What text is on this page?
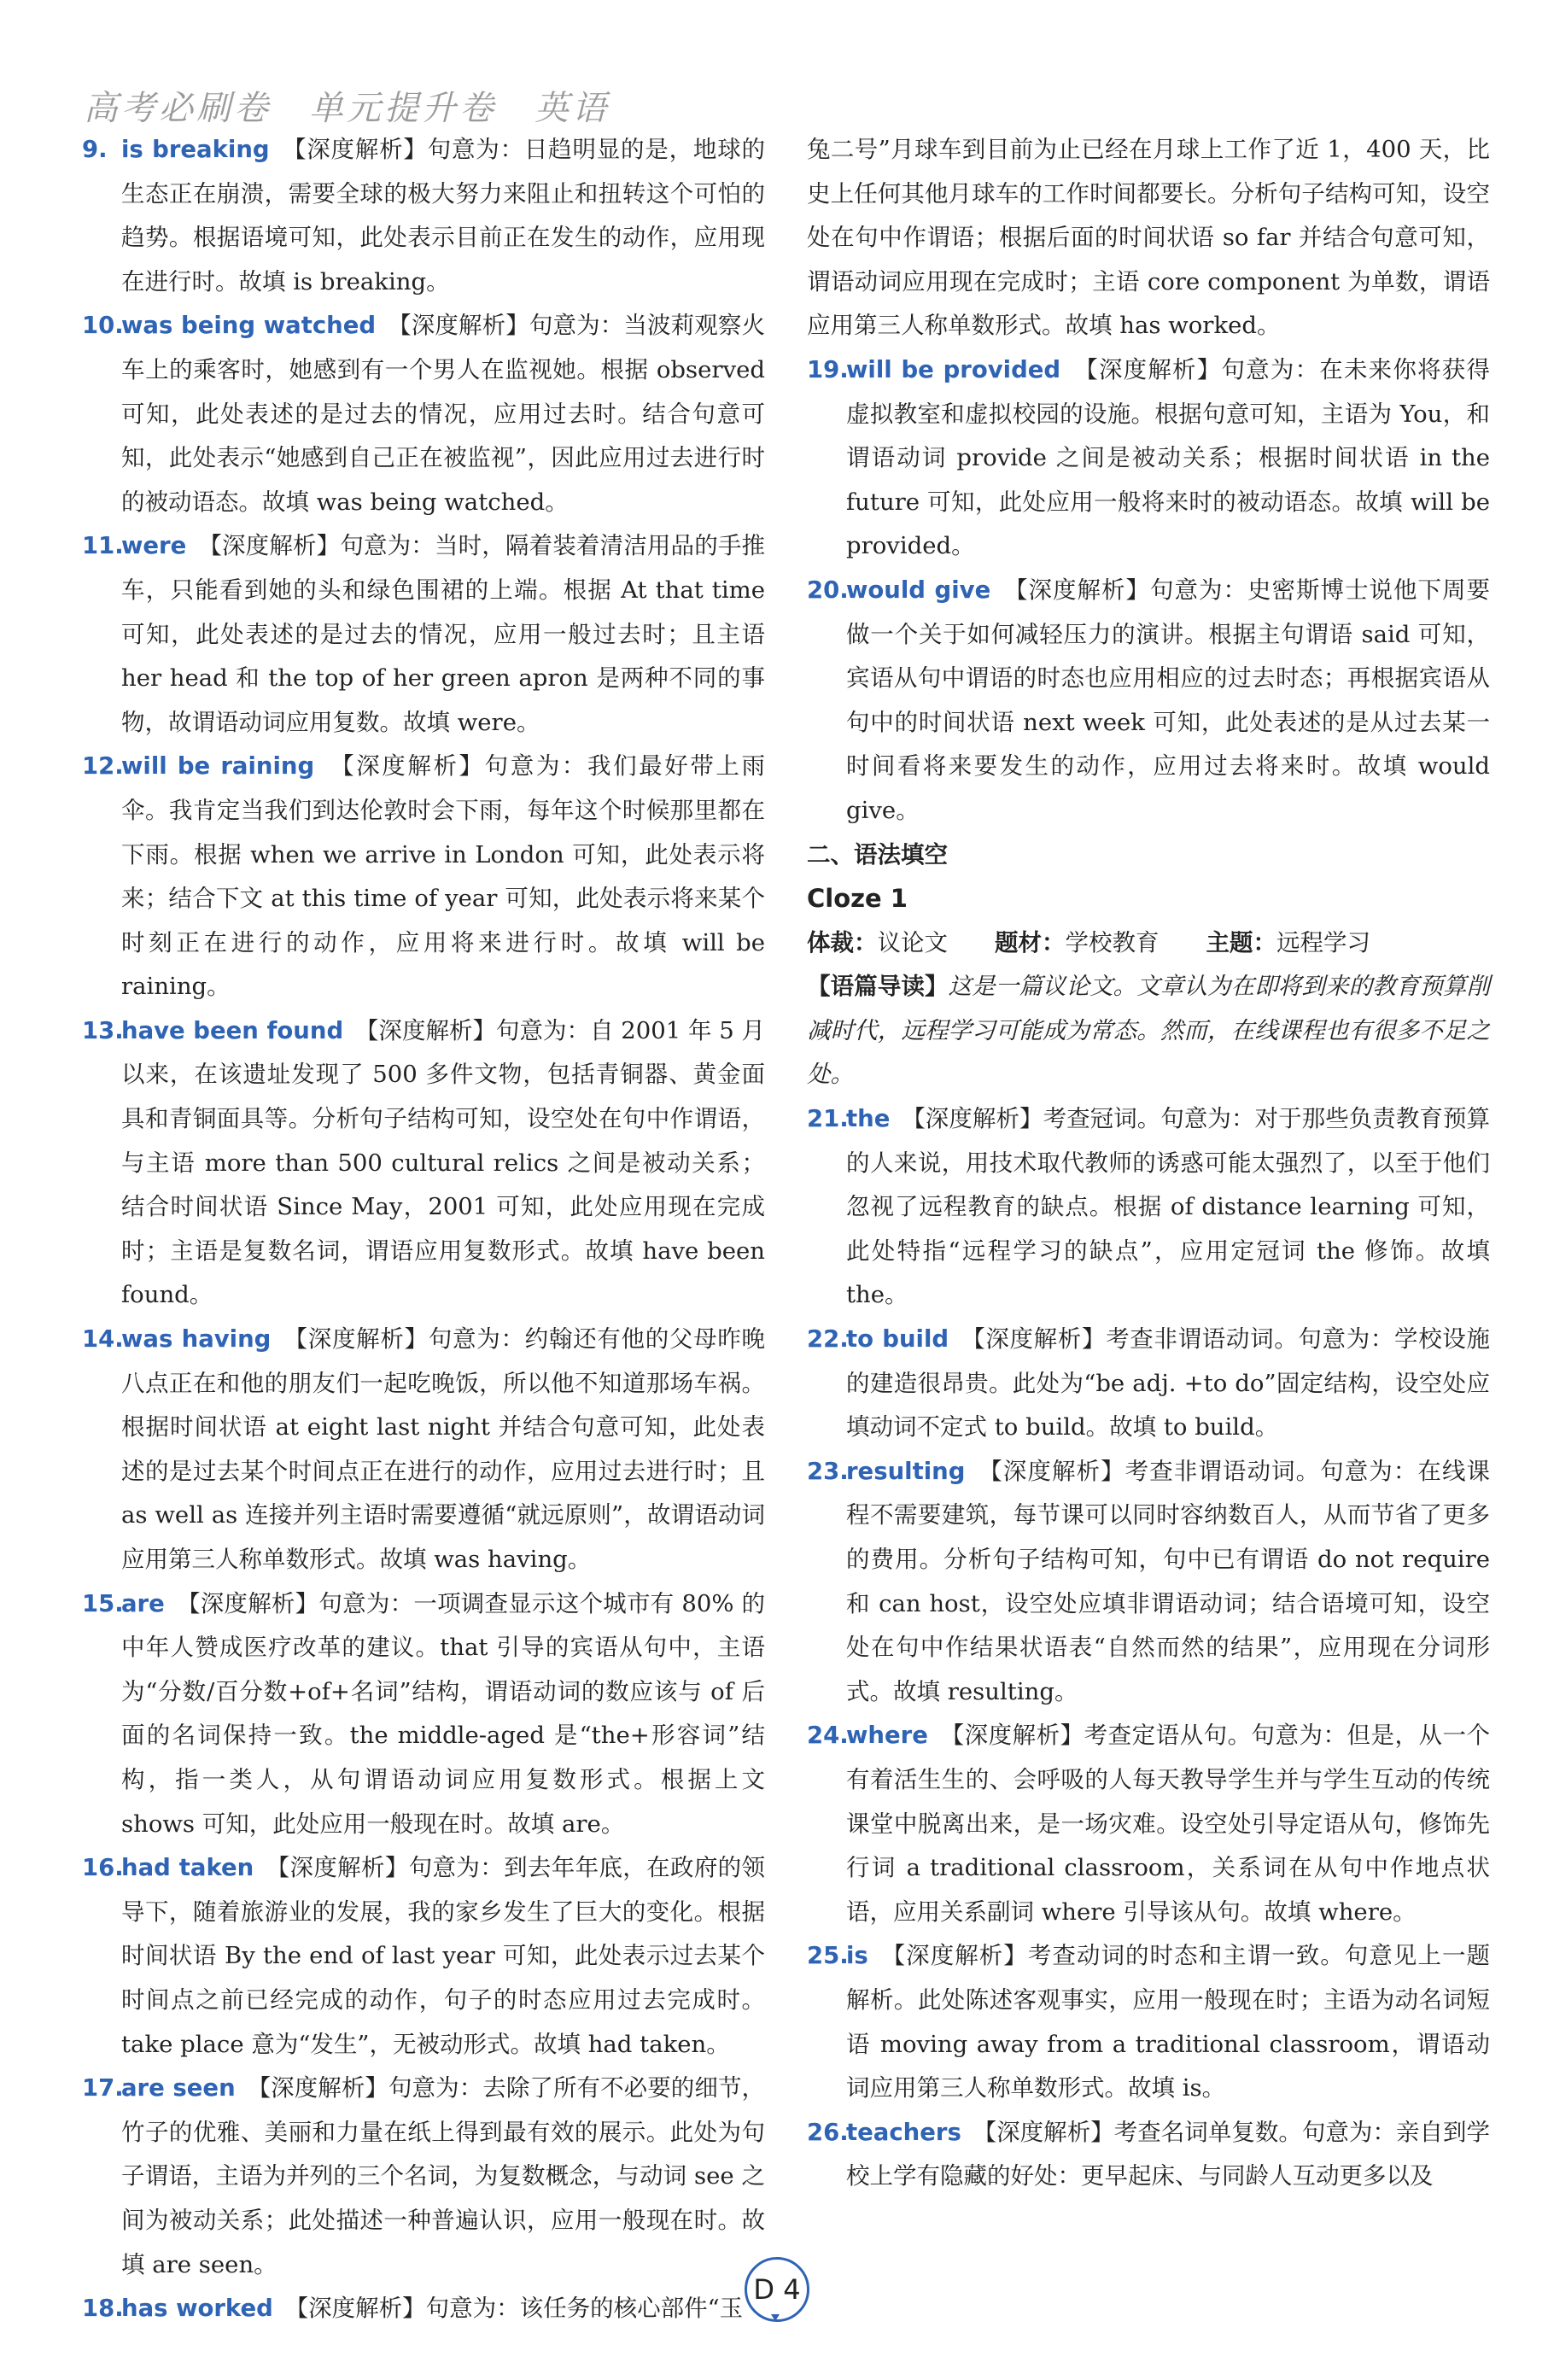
高考必刷卷　单元提升卷　英语
9. is breaking　 【深度解析】句意为：日趋明显的是，地球的生态正在崩溃，需要全球的极大努力来阻止和扭转这个可怕的趋势。根据语境可知，此处表示目前正在发生的动作，应用现在进行时。故填 is breaking。
10.
was being watched　 【深度解析】句意为：当波莉观察火车上的乘客时，她感到有一个男人在监视她。根据 observed 可知，此处表述的是过去的情况，应用过去时。结合句意可知，此处表示“她感到自己正在被监视”，因此应用过去进行时的被动语态。故填 was being watched。
11.
were　 【深度解析】句意为：当时，隔着装着清洁用品的手推车，只能看到她的头和绿色围裙的上端。根据 At that time 可知，此处表述的是过去的情况，应用一般过去时；且主语 her head 和 the top of her green apron 是两种不同的事物，故谓语动词应用复数。故填 were。
12.
will be raining　 【深度解析】句意为：我们最好带上雨伞。我肯定当我们到达伦敦时会下雨，每年这个时候那里都在下雨。根据 when we arrive in London 可知，此处表示将来；结合下文 at this time of year 可知，此处表示将来某个时刻正在进行的动作，应用将来进行时。故填 will be raining。
13.
have been found　 【深度解析】句意为：自 2001 年 5 月以来，在该遗址发现了 500 多件文物，包括青铜器、黄金面具和青铜面具等。分析句子结构可知，设空处在句中作谓语，与主语 more than 500 cultural relics 之间是被动关系；结合时间状语 Since May，2001 可知，此处应用现在完成时；主语是复数名词，谓语应用复数形式。故填 have been found。
14.
was having　 【深度解析】句意为：约翰还有他的父母昨晚八点正在和他的朋友们一起吃晚饭，所以他不知道那场车祸。根据时间状语 at eight last night 并结合句意可知，此处表述的是过去某个时间点正在进行的动作，应用过去进行时；且 as well as 连接并列主语时需要遵循“就远原则”，故谓语动词应用第三人称单数形式。故填 was having。
15.
are　 【深度解析】句意为：一项调查显示这个城市有 80% 的中年人赞成医疗改革的建议。that 引导的宾语从句中，主语为“分数/百分数+of+名词”结构，谓语动词的数应该与 of 后面的名词保持一致。the middle-aged 是“the+形容词”结构，指一类人，从句谓语动词应用复数形式。根据上文 shows 可知，此处应用一般现在时。故填 are。
16.
had taken　 【深度解析】句意为：到去年年底，在政府的领导下，随着旅游业的发展，我的家乡发生了巨大的变化。根据时间状语 By the end of last year 可知，此处表示过去某个时间点之前已经完成的动作，句子的时态应用过去完成时。take place 意为“发生”，无被动形式。故填 had taken。
17.
are seen　 【深度解析】句意为：去除了所有不必要的细节，竹子的优雅、美丽和力量在纸上得到最有效的展示。此处为句子谓语，主语为并列的三个名词，为复数概念，与动词 see 之间为被动关系；此处描述一种普遍认识，应用一般现在时。故填 are seen。
18.
has worked　 【深度解析】句意为：该任务的核心部件“玉
兔二号”月球车到目前为止已经在月球上工作了近 1，400 天，比史上任何其他月球车的工作时间都要长。分析句子结构可知，设空处在句中作谓语；根据后面的时间状语 so far 并结合句意可知，谓语动词应用现在完成时；主语 core component 为单数，谓语应用第三人称单数形式。故填 has worked。
19.
will be provided　 【深度解析】句意为：在未来你将获得虚拟教室和虚拟校园的设施。根据句意可知，主语为 You，和谓语动词 provide 之间是被动关系；根据时间状语 in the future 可知，此处应用一般将来时的被动语态。故填 will be provided。
20.
would give　 【深度解析】句意为：史密斯博士说他下周要做一个关于如何减轻压力的演讲。根据主句谓语 said 可知，宾语从句中谓语的时态也应用相应的过去时态；再根据宾语从句中的时间状语 next week 可知，此处表述的是从过去某一时间看将来要发生的动作，应用过去将来时。故填 would give。
二、语法填空
Cloze 1
体裁：议论文　　 题材：学校教育　　 主题：远程学习
【语篇导读】这是一篇议论文。文章认为在即将到来的教育预算削减时代，远程学习可能成为常态。然而，在线课程也有很多不足之处。
21.
the　 【深度解析】考查冠词。句意为：对于那些负责教育预算的人来说，用技术取代教师的诱惑可能太强烈了，以至于他们忽视了远程教育的缺点。根据 of distance learning 可知，此处特指“远程学习的缺点”，应用定冠词 the 修饰。故填 the。
22.
to build　 【深度解析】考查非谓语动词。句意为：学校设施的建造很昂贵。此处为“be adj. +to do”固定结构，设空处应填动词不定式 to build。故填 to build。
23.
resulting　 【深度解析】考查非谓语动词。句意为：在线课程不需要建筑，每节课可以同时容纳数百人，从而节省了更多的费用。分析句子结构可知，句中已有谓语 do not require 和 can host，设空处应填非谓语动词；结合语境可知，设空处在句中作结果状语表“自然而然的结果”，应用现在分词形式。故填 resulting。
24.
where　 【深度解析】考查定语从句。句意为：但是，从一个有着活生生的、会呼吸的人每天教导学生并与学生互动的传统课堂中脱离出来，是一场灾难。设空处引导定语从句，修饰先行词 a traditional classroom，关系词在从句中作地点状语，应用关系副词 where 引导该从句。故填 where。
25.
is　 【深度解析】考查动词的时态和主谓一致。句意见上一题解析。此处陈述客观事实，应用一般现在时；主语为动名词短语 moving away from a traditional classroom，谓语动词应用第三人称单数形式。故填 is。
26.
teachers　 【深度解析】考查名词单复数。句意为：亲自到学校上学有隐藏的好处：更早起床、与同龄人互动更多以及
D 4
